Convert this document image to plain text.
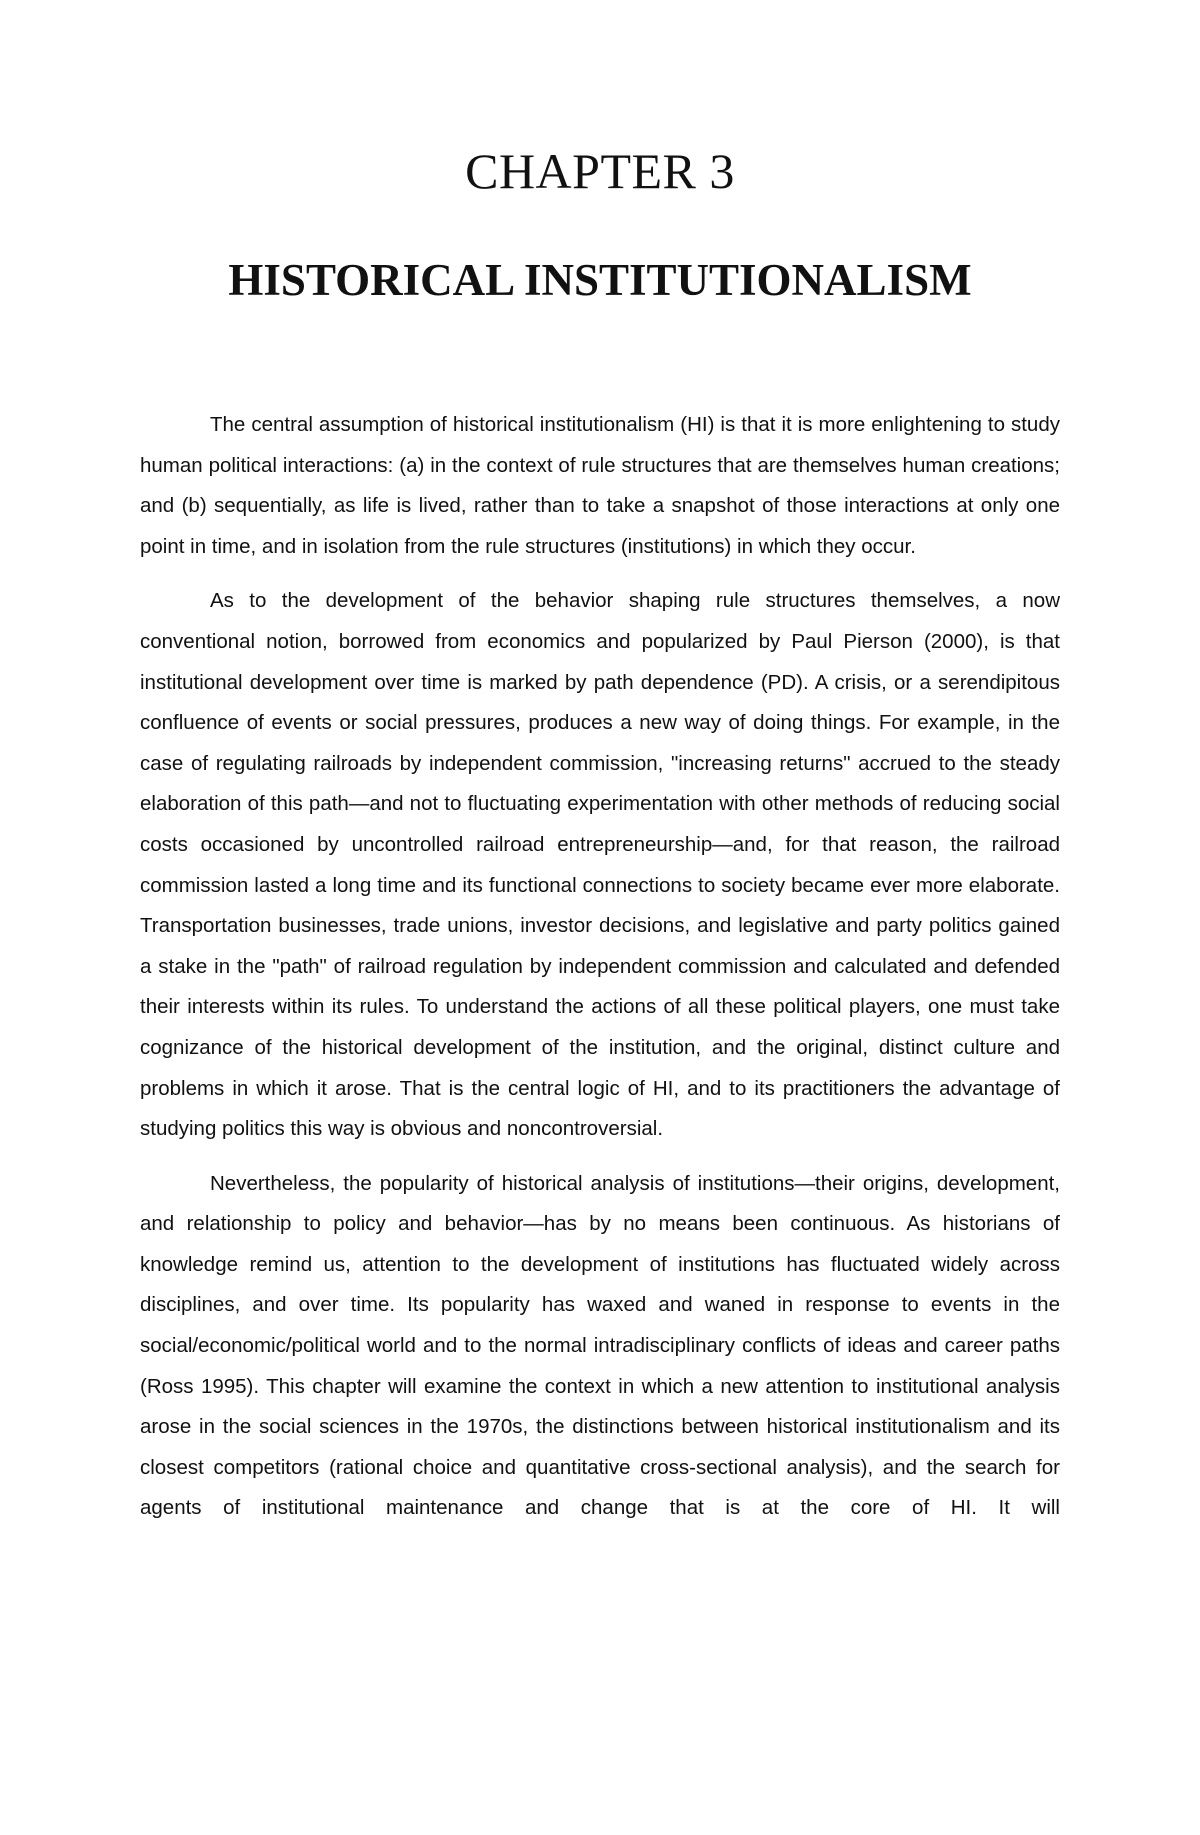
CHAPTER 3
HISTORICAL INSTITUTIONALISM

The central assumption of historical institutionalism (HI) is that it is more enlightening to study human political interactions: (a) in the context of rule structures that are themselves human creations; and (b) sequentially, as life is lived, rather than to take a snapshot of those interactions at only one point in time, and in isolation from the rule structures (institutions) in which they occur.

As to the development of the behavior shaping rule structures themselves, a now conventional notion, borrowed from economics and popularized by Paul Pierson (2000), is that institutional development over time is marked by path dependence (PD). A crisis, or a serendipitous confluence of events or social pressures, produces a new way of doing things. For example, in the case of regulating railroads by independent commission, "increasing returns" accrued to the steady elaboration of this path—and not to fluctuating experimentation with other methods of reducing social costs occasioned by uncontrolled railroad entrepreneurship—and, for that reason, the railroad commission lasted a long time and its functional connections to society became ever more elaborate. Transportation businesses, trade unions, investor decisions, and legislative and party politics gained a stake in the "path" of railroad regulation by independent commission and calculated and defended their interests within its rules. To understand the actions of all these political players, one must take cognizance of the historical development of the institution, and the original, distinct culture and problems in which it arose. That is the central logic of HI, and to its practitioners the advantage of studying politics this way is obvious and noncontroversial.

Nevertheless, the popularity of historical analysis of institutions—their origins, development, and relationship to policy and behavior—has by no means been continuous. As historians of knowledge remind us, attention to the development of institutions has fluctuated widely across disciplines, and over time. Its popularity has waxed and waned in response to events in the social/economic/political world and to the normal intradisciplinary conflicts of ideas and career paths (Ross 1995). This chapter will examine the context in which a new attention to institutional analysis arose in the social sciences in the 1970s, the distinctions between historical institutionalism and its closest competitors (rational choice and quantitative cross-sectional analysis), and the search for agents of institutional maintenance and change that is at the core of HI. It will
